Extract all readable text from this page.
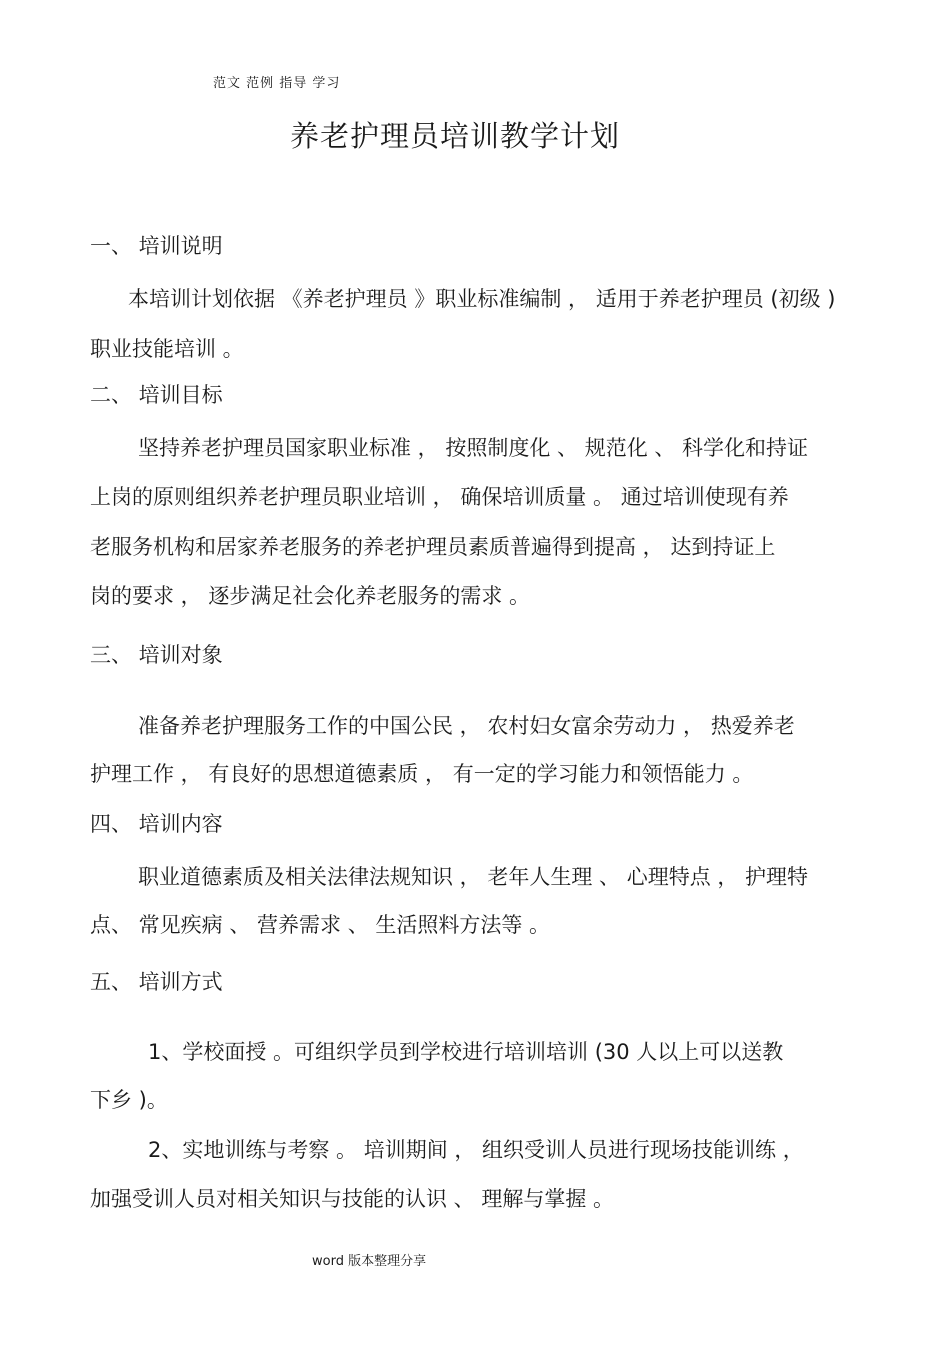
范文 范例 指导 学习
养老护理员培训教学计划
一、 培训说明
本培训计划依据 《养老护理员 》职业标准编制 ， 适用于养老护理员 (初级 )
职业技能培训 。
二、 培训目标
坚持养老护理员国家职业标准 ， 按照制度化 、 规范化 、 科学化和持证
上岗的原则组织养老护理员职业培训 ， 确保培训质量 。 通过培训使现有养
老服务机构和居家养老服务的养老护理员素质普遍得到提高 ， 达到持证上
岗的要求 ， 逐步满足社会化养老服务的需求 。
三、 培训对象
准备养老护理服务工作的中国公民 ， 农村妇女富余劳动力 ， 热爱养老
护理工作 ， 有良好的思想道德素质 ， 有一定的学习能力和领悟能力 。
四、 培训内容
职业道德素质及相关法律法规知识 ， 老年人生理 、 心理特点 ， 护理特
点、 常见疾病 、 营养需求 、 生活照料方法等 。
五、 培训方式
1、学校面授 。可组织学员到学校进行培训培训 (30 人以上可以送教
下乡 )。
2、实地训练与考察 。 培训期间 ， 组织受训人员进行现场技能训练 ，
加强受训人员对相关知识与技能的认识 、 理解与掌握 。
word 版本整理分享
